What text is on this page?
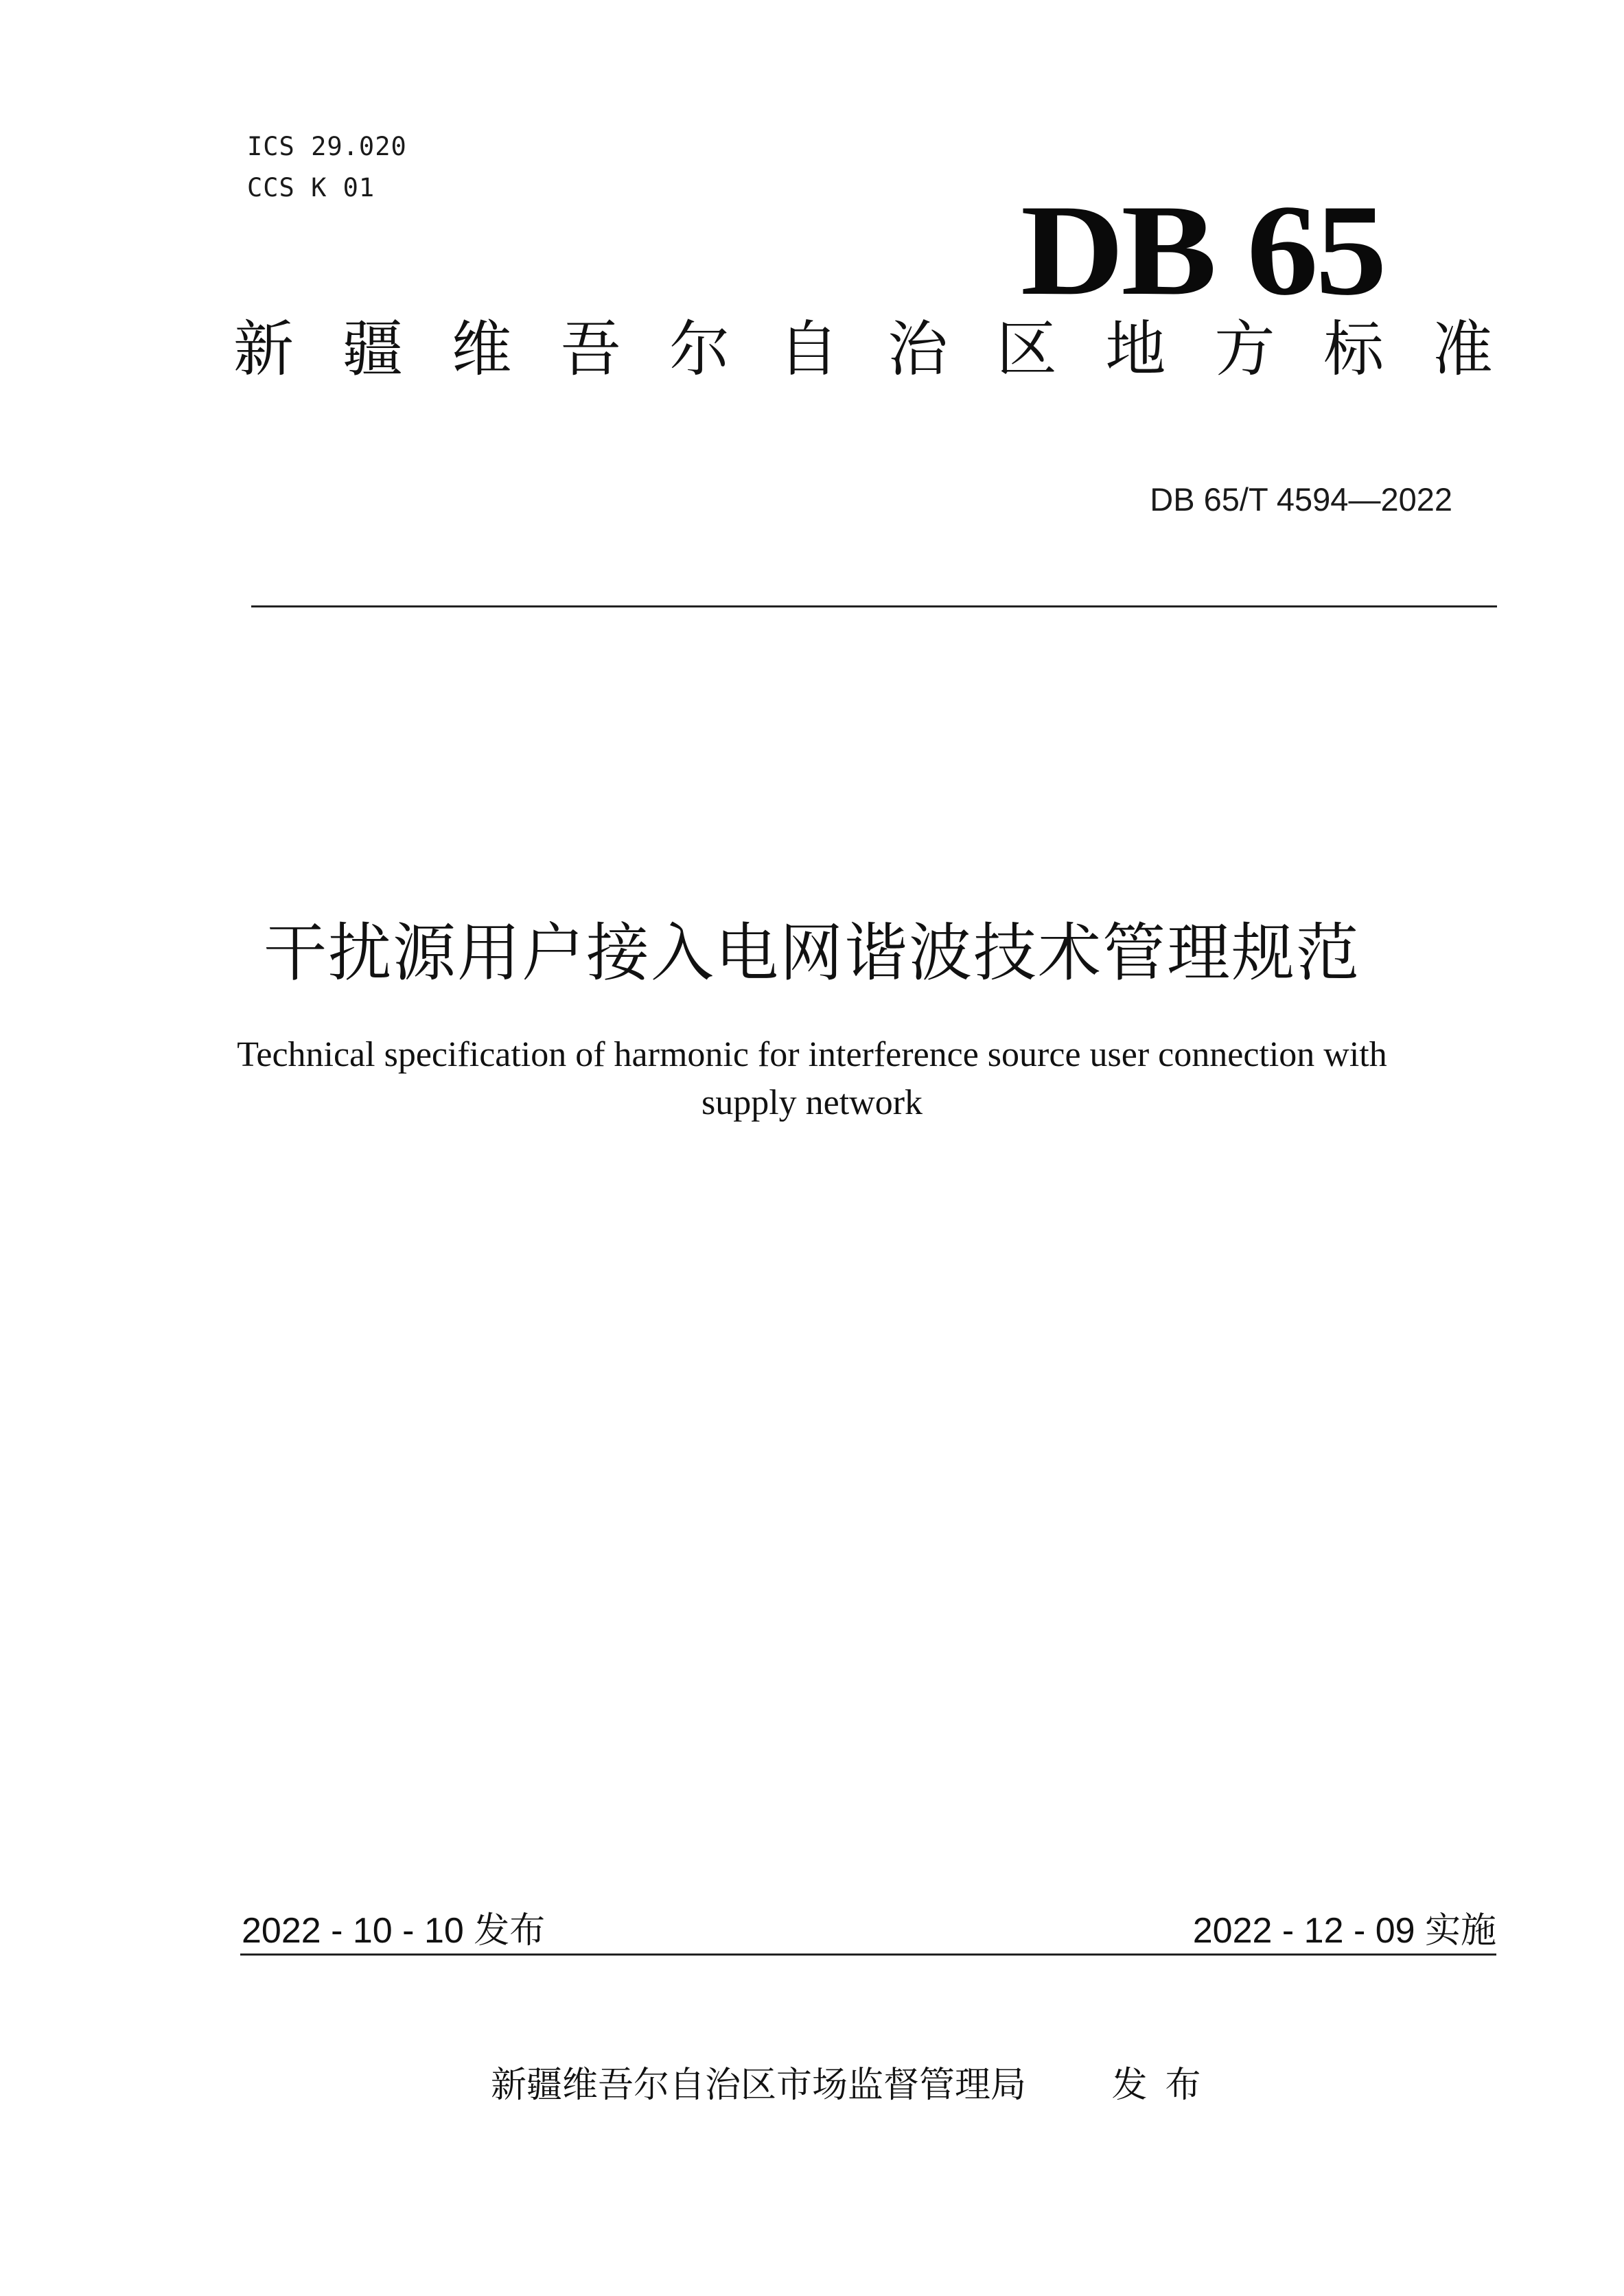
ICS 29.020
CCS K 01	DB 65
新 疆 维 吾 尔 自 治 区 地 方 标 准
DB 65/T 4594—2022
干扰源用户接入电网谐波技术管理规范
Technical specification of harmonic for interference source user connection with
supply network
2022 - 10 - 10 发布	2022 - 12 - 09 实施
新疆维吾尔自治区市场监督管理局 发布
